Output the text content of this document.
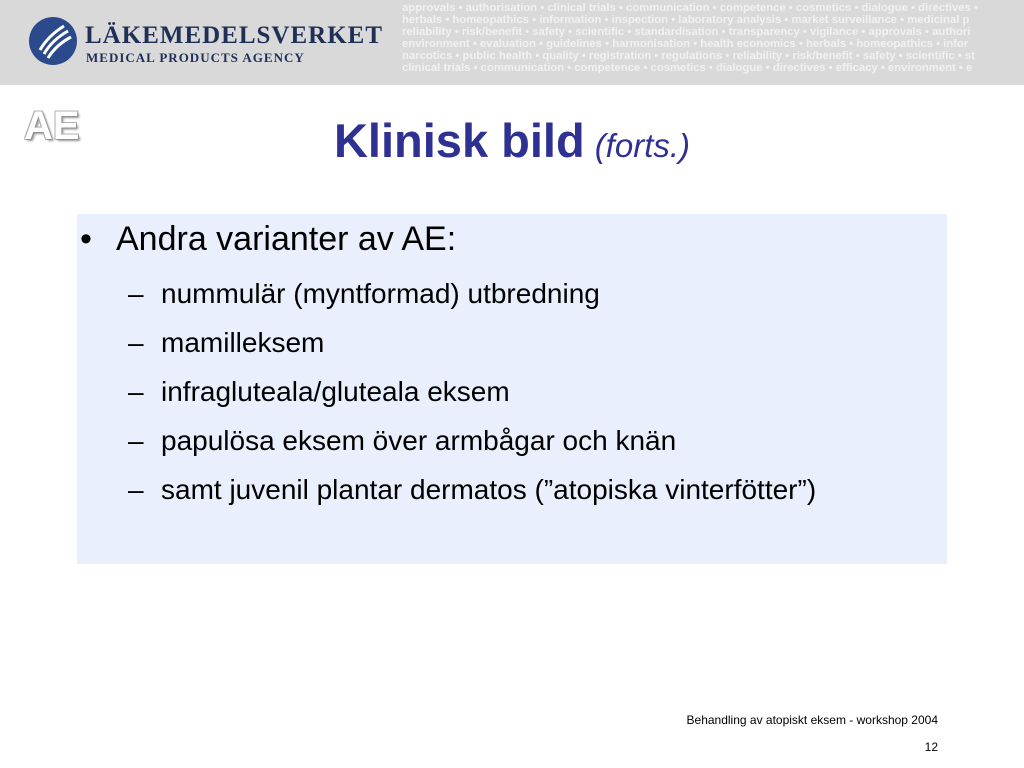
LÄKEMEDELSVERKET
MEDICAL PRODUCTS AGENCY
approvals • authorisation • clinical trials • communication • competence • cosmetics • dialogue • directives •
herbals • homeopathics • information • inspection • laboratory analysis • market surveillance • medicinal p
reliability • risk/benefit • safety • scientific • standardisation • transparency • vigilance • approvals • authori
environment • evaluation • guidelines • harmonisation • health economics • herbals • homeopathics • infor
narcotics • public health • quality • registration • regulations • reliability • risk/benefit • safety • scientific • st
clinical trials • communication • competence • cosmetics • dialogue • directives • efficacy • environment • e
AE	Klinisk bild (forts.)
• Andra varianter av AE:
– nummulär (myntformad) utbredning
– mamilleksem
– infragluteala/gluteala eksem
– papulösa eksem över armbågar och knän
– samt juvenil plantar dermatos (”atopiska vinterfötter”)
Behandling av atopiskt eksem - workshop 2004
12
